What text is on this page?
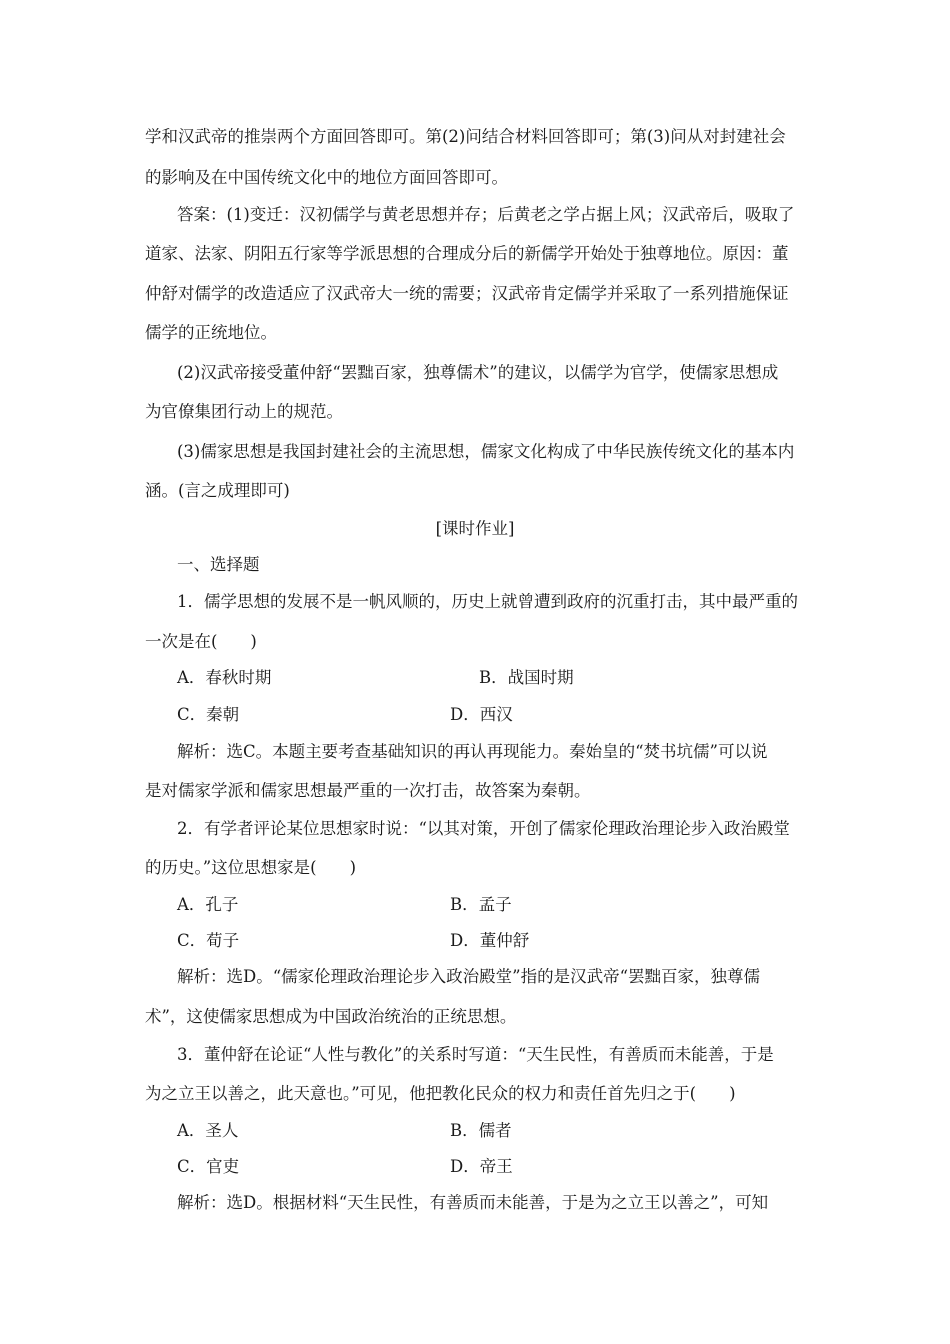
学和汉武帝的推崇两个方面回答即可。第(2)问结合材料回答即可；第(3)问从对封建社会
的影响及在中国传统文化中的地位方面回答即可。
答案：(1)变迁：汉初儒学与黄老思想并存；后黄老之学占据上风；汉武帝后，吸取了
道家、法家、阴阳五行家等学派思想的合理成分后的新儒学开始处于独尊地位。原因：董
仲舒对儒学的改造适应了汉武帝大一统的需要；汉武帝肯定儒学并采取了一系列措施保证
儒学的正统地位。
(2)汉武帝接受董仲舒“罢黜百家，独尊儒术”的建议，以儒学为官学，使儒家思想成
为官僚集团行动上的规范。
(3)儒家思想是我国封建社会的主流思想，儒家文化构成了中华民族传统文化的基本内
涵。(言之成理即可)
[课时作业]
一、选择题
1．儒学思想的发展不是一帆风顺的，历史上就曾遭到政府的沉重打击，其中最严重的
一次是在(　　)
A．春秋时期	B．战国时期
C．秦朝	D．西汉
解析：选C。本题主要考查基础知识的再认再现能力。秦始皇的“焚书坑儒”可以说
是对儒家学派和儒家思想最严重的一次打击，故答案为秦朝。
2．有学者评论某位思想家时说：“以其对策，开创了儒家伦理政治理论步入政治殿堂
的历史。”这位思想家是(　　)
A．孔子	B．孟子
C．荀子	D．董仲舒
解析：选D。“儒家伦理政治理论步入政治殿堂”指的是汉武帝“罢黜百家，独尊儒
术”，这使儒家思想成为中国政治统治的正统思想。
3．董仲舒在论证“人性与教化”的关系时写道：“天生民性，有善质而未能善，于是
为之立王以善之，此天意也。”可见，他把教化民众的权力和责任首先归之于(　　)
A．圣人	B．儒者
C．官吏	D．帝王
解析：选D。根据材料“天生民性，有善质而未能善，于是为之立王以善之”，可知
